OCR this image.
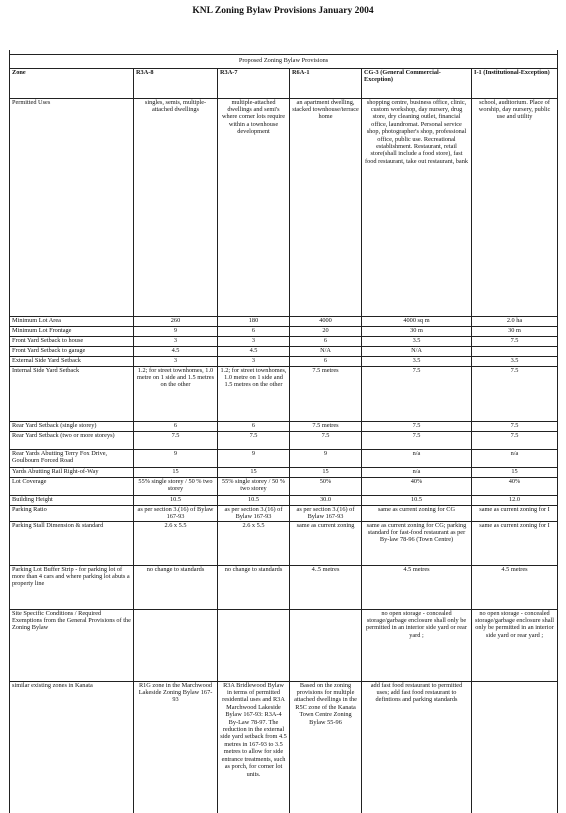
KNL Zoning Bylaw Provisions January 2004

Proposed Zoning Bylaw Provisions					
Zone	R3A-8	R3A-7	R6A-1	CG-3 (General Commercial-Exception)	I-1 (Institutional-Exception)
Permitted Uses	singles, semis, multiple-attached dwellings	multiple-attached dwellings and semi's where corner lots require within a townhouse development	an apartment dwelling, stacked townhouse/terrace home	shopping centre, business office, clinic, custom workshop, day nursery, drug store, dry cleaning outlet, financial office, laundromat. Personal service shop, photographer's shop, professional office, public use. Recreational establishment. Restaurant, retail store(shall include a food store), fast food restaurant, take out restaurant, bank	school, auditorium. Place of worship, day nursery, public use and utility
Minimum Lot Area	260	180	4000	4000 sq m	2.0 ha
Minimum Lot Frontage	9	6	20	30 m	30 m
Front Yard Setback to house	3	3	6	3.5	7.5
Front Yard Setback to garage	4.5	4.5	N/A	N/A	
External Side Yard Setback	3	3	6	3.5	3.5
Internal Side Yard Setback	1.2; for street townhomes, 1.0 metre on 1 side and 1.5 metres on the other	1.2; for street townhomes, 1.0 metre on 1 side and 1.5 metres on the other	7.5 metres	7.5	7.5
Rear Yard Setback (single storey)	6	6	7.5 metres	7.5	7.5
Rear Yard Setback (two or more storeys)	7.5	7.5	7.5	7.5	7.5
Rear Yards Abutting Terry Fox Drive, Goulbourn Forced Road	9	9	9	n/a	n/a
Yards Abutting Rail Right-of-Way	15	15	15	n/a	15
Lot Coverage	55% single storey / 50 % two storey	55% single storey / 50 % two storey	50%	40%	40%
Building Height	10.5	10.5	30.0	10.5	12.0
Parking Ratio	as per section 3.(16) of Bylaw 167-93	as per section 3.(16) of Bylaw 167-93	as per section 3.(16) of Bylaw 167-93	same as current zoning for CG	same as current zoning for I
Parking Stall Dimension & standard	2.6 x 5.5	2.6 x 5.5	same as current zoning	same as current zoning for CG; parking standard for fast-food restaurant as per By-law 78-96 (Town Centre)	same as current zoning for I
Parking Lot Buffer Strip - for parking lot of more than 4 cars and where parking lot abuts a property line	no change to standards	no change to standards	4..5 metres	4.5 metres	4.5 metres
Site Specific Conditions / Required Exemptions from the General Provisions of the Zoning Bylaw				no open storage - concealed storage/garbage enclosure shall only be permitted in an interior side yard or rear yard ;	no open storage - concealed storage/garbage enclosure shall only be permitted in an interior side yard or rear yard ;
similar existing zones in Kanata	R1G zone in the Marchwood Lakeside Zoning Bylaw 167-93	R3A Bridlewood Bylaw in terms of permitted residential uses and R3A Marchwood Lakeside Bylaw 167-93: R3A-4 By-Law 78-97. The reduction in the external side yard setback from 4.5 metres in 167-93 to 3.5 metres to allow for side entrance treatments, such as porch, for corner lot units.	Based on the zoning provisions for multiple attached dwellings in the R5C zone of the Kanata Town Centre Zoning Bylaw 55-96	add fast food restaurant to permitted uses; add fast food restaurant to defintions and parking standards	
